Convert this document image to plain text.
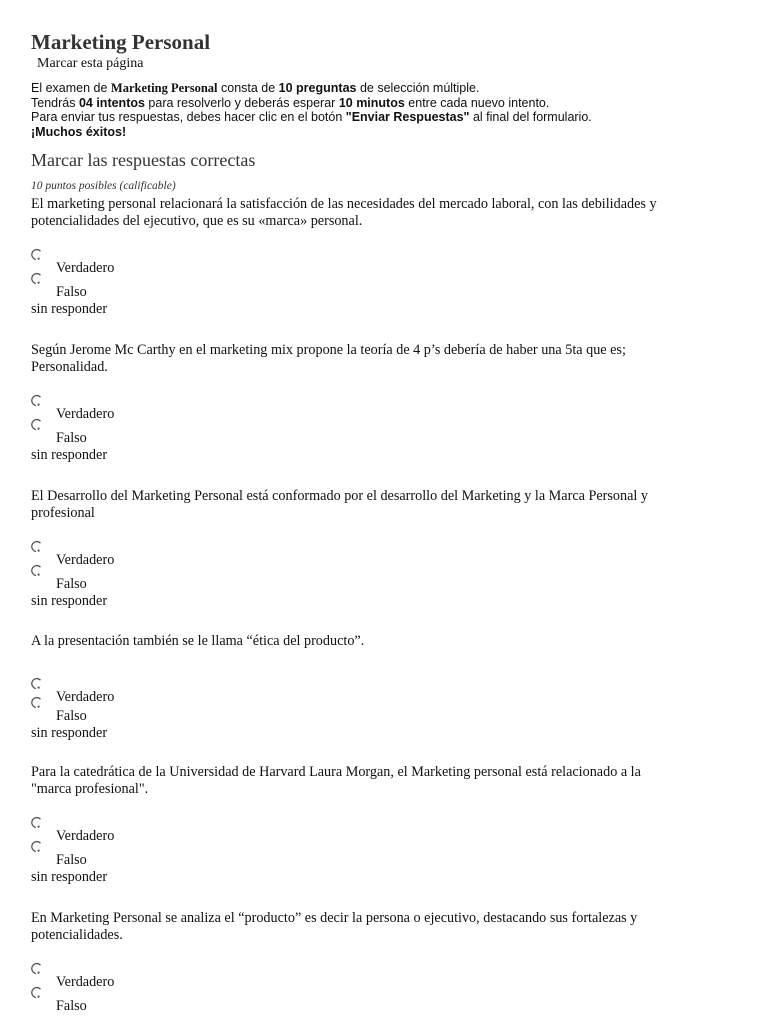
Marketing Personal
Marcar esta página
El examen de Marketing Personal consta de 10 preguntas de selección múltiple.
Tendrás 04 intentos para resolverlo y deberás esperar 10 minutos entre cada nuevo intento.
Para enviar tus respuestas, debes hacer clic en el botón "Enviar Respuestas" al final del formulario.
¡Muchos éxitos!
Marcar las respuestas correctas
10 puntos posibles (calificable)
El marketing personal relacionará la satisfacción de las necesidades del mercado laboral, con las debilidades y
potencialidades del ejecutivo, que es su «marca» personal.
Verdadero
Falso
sin responder
Según Jerome Mc Carthy en el marketing mix propone la teoría de 4 p’s debería de haber una 5ta que es;
Personalidad.
Verdadero
Falso
sin responder
El Desarrollo del Marketing Personal está conformado por el desarrollo del Marketing y la Marca Personal y
profesional
Verdadero
Falso
sin responder
A la presentación también se le llama “ética del producto”.
Verdadero
Falso
sin responder
Para la catedrática de la Universidad de Harvard Laura Morgan, el Marketing personal está relacionado a la
"marca profesional".
Verdadero
Falso
sin responder
En Marketing Personal se analiza el “producto” es decir la persona o ejecutivo, destacando sus fortalezas y
potencialidades.
Verdadero
Falso
